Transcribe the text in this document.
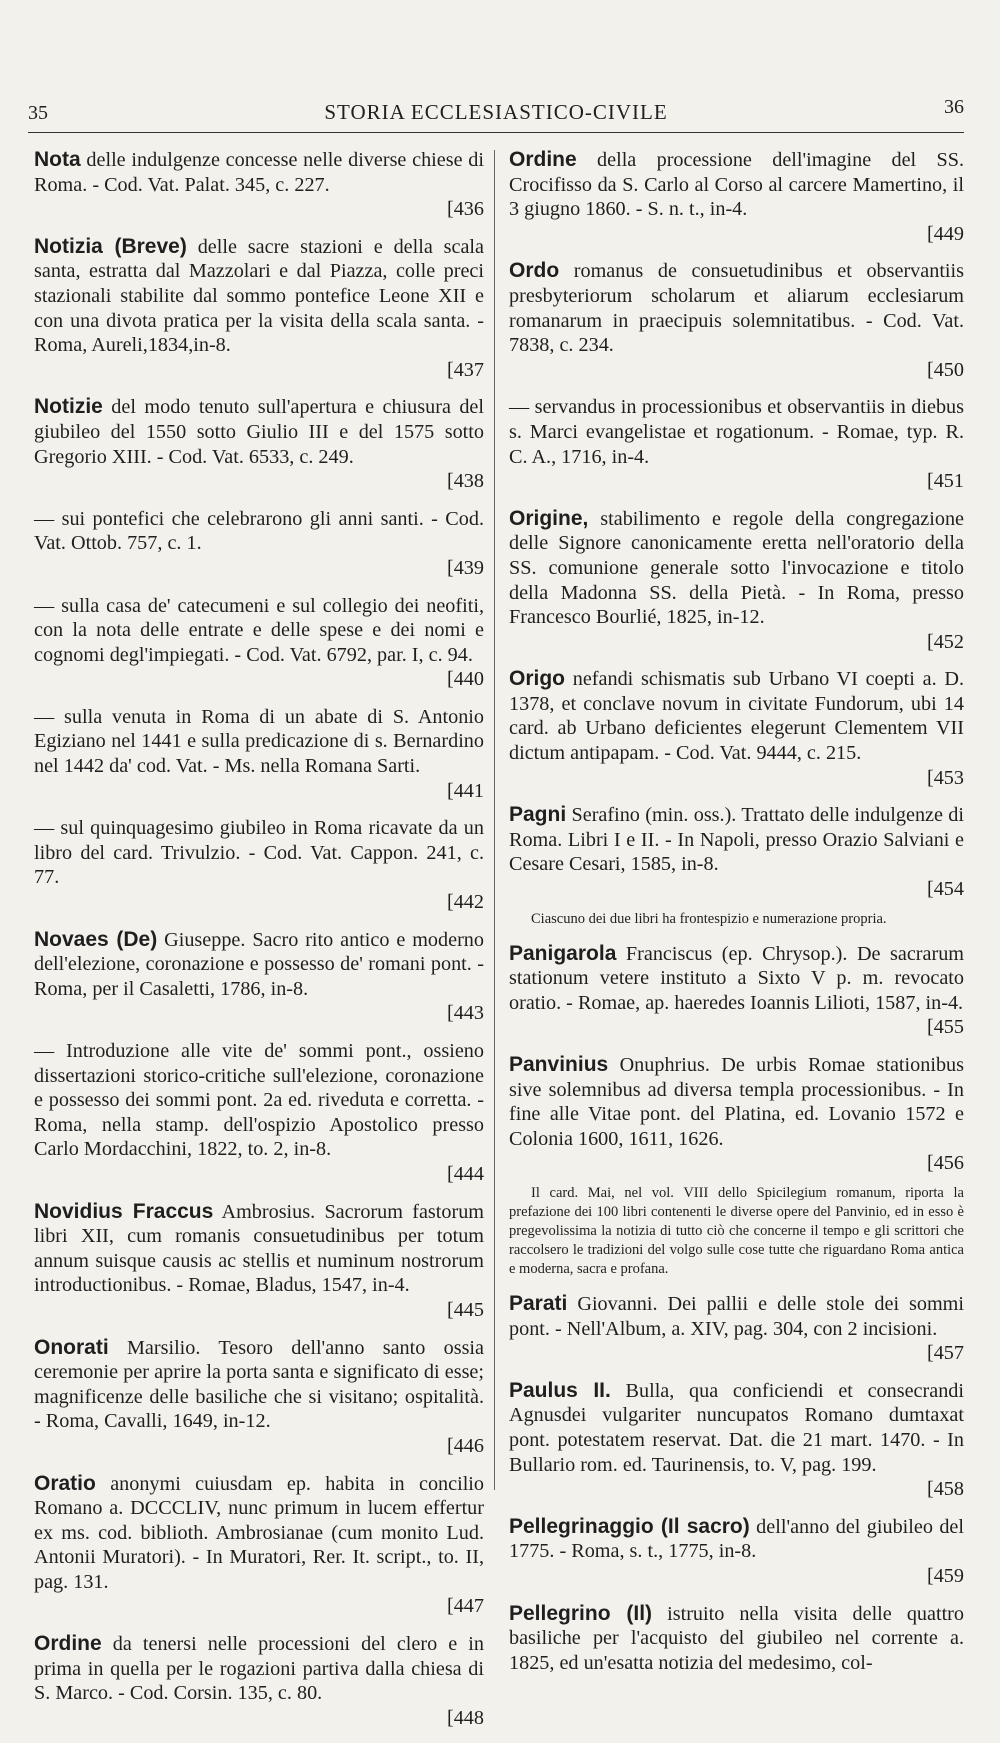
35	STORIA ECCLESIASTICO-CIVILE	36

Nota delle indulgenze concesse nelle diverse chiese di Roma. - Cod. Vat. Palat. 345, c. 227.

[436

Notizia (Breve) delle sacre stazioni e della scala santa, estratta dal Mazzolari e dal Piazza, colle preci stazionali stabilite dal sommo pontefice Leone XII e con una divota pratica per la visita della scala santa. - Roma, Aureli,1834,in-8.

[437

Notizie del modo tenuto sull'apertura e chiusura del giubileo del 1550 sotto Giulio III e del 1575 sotto Gregorio XIII. - Cod. Vat. 6533, c. 249.

[438

— sui pontefici che celebrarono gli anni santi. - Cod. Vat. Ottob. 757, c. 1.

[439

— sulla casa de' catecumeni e sul collegio dei neofiti, con la nota delle entrate e delle spese e dei nomi e cognomi degl'impiegati. - Cod. Vat. 6792, par. I, c. 94.

[440

— sulla venuta in Roma di un abate di S. Antonio Egiziano nel 1441 e sulla predicazione di s. Bernardino nel 1442 da' cod. Vat. - Ms. nella Romana Sarti.

[441

— sul quinquagesimo giubileo in Roma ricavate da un libro del card. Trivulzio. - Cod. Vat. Cappon. 241, c. 77.

[442

Novaes (De) Giuseppe. Sacro rito antico e moderno dell'elezione, coronazione e possesso de' romani pont. - Roma, per il Casaletti, 1786, in-8.

[443

— Introduzione alle vite de' sommi pont., ossieno dissertazioni storico-critiche sull'elezione, coronazione e possesso dei sommi pont. 2a ed. riveduta e corretta. - Roma, nella stamp. dell'ospizio Apostolico presso Carlo Mordacchini, 1822, to. 2, in-8.

[444

Novidius Fraccus Ambrosius. Sacrorum fastorum libri XII, cum romanis consuetudinibus per totum annum suisque causis ac stellis et numinum nostrorum introductionibus. - Romae, Bladus, 1547, in-4.

[445

Onorati Marsilio. Tesoro dell'anno santo ossia ceremonie per aprire la porta santa e significato di esse; magnificenze delle basiliche che si visitano; ospitalità. - Roma, Cavalli, 1649, in-12.

[446

Oratio anonymi cuiusdam ep. habita in concilio Romano a. DCCCLIV, nunc primum in lucem effertur ex ms. cod. biblioth. Ambrosianae (cum monito Lud. Antonii Muratori). - In Muratori, Rer. It. script., to. II, pag. 131.

[447

Ordine da tenersi nelle processioni del clero e in prima in quella per le rogazioni partiva dalla chiesa di S. Marco. - Cod. Corsin. 135, c. 80.

[448

Ordine della processione dell'imagine del SS. Crocifisso da S. Carlo al Corso al carcere Mamertino, il 3 giugno 1860. - S. n. t., in-4.

[449

Ordo romanus de consuetudinibus et observantiis presbyteriorum scholarum et aliarum ecclesiarum romanarum in praecipuis solemnitatibus. - Cod. Vat. 7838, c. 234.

[450

— servandus in processionibus et observantiis in diebus s. Marci evangelistae et rogationum. - Romae, typ. R. C. A., 1716, in-4.

[451

Origine, stabilimento e regole della congregazione delle Signore canonicamente eretta nell'oratorio della SS. comunione generale sotto l'invocazione e titolo della Madonna SS. della Pietà. - In Roma, presso Francesco Bourlié, 1825, in-12.

[452

Origo nefandi schismatis sub Urbano VI coepti a. D. 1378, et conclave novum in civitate Fundorum, ubi 14 card. ab Urbano deficientes elegerunt Clementem VII dictum antipapam. - Cod. Vat. 9444, c. 215.

[453

Pagni Serafino (min. oss.). Trattato delle indulgenze di Roma. Libri I e II. - In Napoli, presso Orazio Salviani e Cesare Cesari, 1585, in-8.

[454
Ciascuno dei due libri ha frontespizio e numerazione propria.

Panigarola Franciscus (ep. Chrysop.). De sacrarum stationum vetere instituto a Sixto V p. m. revocato oratio. - Romae, ap. haeredes Ioannis Lilioti, 1587, in-4.

[455

Panvinius Onuphrius. De urbis Romae stationibus sive solemnibus ad diversa templa processionibus. - In fine alle Vitae pont. del Platina, ed. Lovanio 1572 e Colonia 1600, 1611, 1626.

[456
Il card. Mai, nel vol. VIII dello Spicilegium romanum, riporta la prefazione dei 100 libri contenenti le diverse opere del Panvinio, ed in esso è pregevolissima la notizia di tutto ciò che concerne il tempo e gli scrittori che raccolsero le tradizioni del volgo sulle cose tutte che riguardano Roma antica e moderna, sacra e profana.

Parati Giovanni. Dei pallii e delle stole dei sommi pont. - Nell'Album, a. XIV, pag. 304, con 2 incisioni.

[457

Paulus II. Bulla, qua conficiendi et consecrandi Agnusdei vulgariter nuncupatos Romano dumtaxat pont. potestatem reservat. Dat. die 21 mart. 1470. - In Bullario rom. ed. Taurinensis, to. V, pag. 199.

[458

Pellegrinaggio (Il sacro) dell'anno del giubileo del 1775. - Roma, s. t., 1775, in-8.

[459

Pellegrino (Il) istruito nella visita delle quattro basiliche per l'acquisto del giubileo nel corrente a. 1825, ed un'esatta notizia del medesimo, col-
